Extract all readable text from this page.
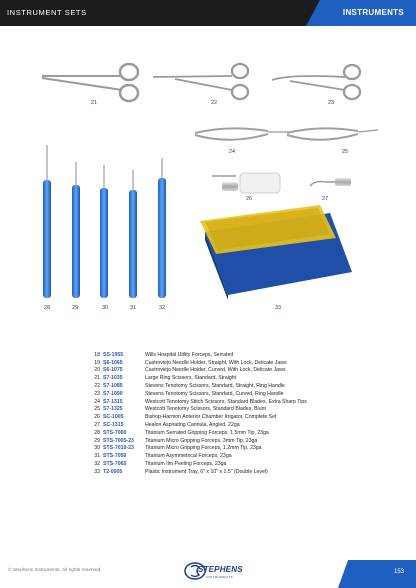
INSTRUMENT SETS	INSTRUMENTS
21	22	23
24	25
26	27
28	29	30	31	32	33
18 SS-1955	Wills Hospital Utility Forceps, Serrated
19 S6-1065	Castroviejo Needle Holder, Straight, With Lock, Delicate Jaws
20 S6-1075	Castroviejo Needle Holder, Curved, With Lock, Delicate Jaws
21 S7-1035	Large Ring Scissors, Standard, Straight
22 S7-1085	Stevens Tenotomy Scissors, Standard, Straight, Ring Handle
23 S7-1090	Stevens Tenotomy Scissors, Standard, Curved, Ring Handle
24 S7-1315	Westcott Tenotomy Stitch Scissors, Standard Blades, Extra Sharp Tips
25 S7-1325	Westcott Tenotomy Scissors, Standard Blades, Blunt
26 SC-1005	Bishop-Harmon Anterior Chamber Irrigator, Complete Set
27 SC-1315	Healon Aspirating Cannula, Angled, 22ga
28 STS-7000	Titanium Serrated Gripping Forceps, 1.5mm Tip, 23ga
29 STS-7005-23	Titanium Micro Gripping Forceps, 3mm Tip, 23ga
30 STS-7010-23	Titanium Micro Gripping Forceps, 1.2mm Tip, 23ga
31 STS-7050	Titanium Asymmetrical Forceps, 23ga
32 STS-7065	Titanium Ilm Peeling Forceps, 23ga
33 T2-0005	Plastic Instrument Tray, 6" x 10" x 1.5" (Double Level)
© Stephens Instruments. All rights reserved.	STEPHENS
INSTRUMENTS
153
